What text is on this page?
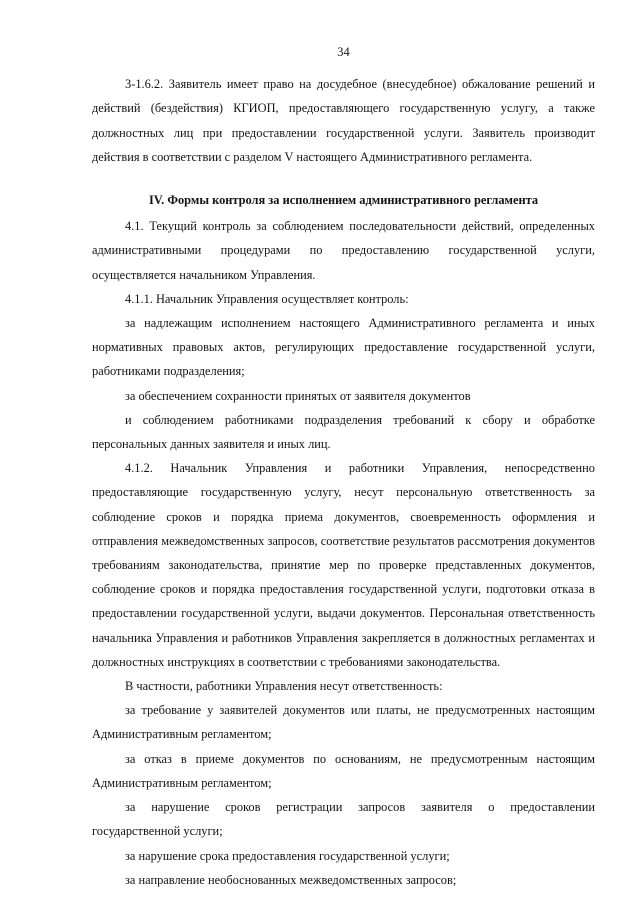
34

3-1.6.2. Заявитель имеет право на досудебное (внесудебное) обжалование решений и действий (бездействия) КГИОП, предоставляющего государственную услугу, а также должностных лиц при предоставлении государственной услуги. Заявитель производит действия в соответствии с разделом V настоящего Административного регламента.

IV. Формы контроля за исполнением административного регламента

4.1. Текущий контроль за соблюдением последовательности действий, определенных административными процедурами по предоставлению государственной услуги, осуществляется начальником Управления.

4.1.1. Начальник Управления осуществляет контроль:

за надлежащим исполнением настоящего Административного регламента и иных нормативных правовых актов, регулирующих предоставление государственной услуги, работниками подразделения;

за обеспечением сохранности принятых от заявителя документов

и соблюдением работниками подразделения требований к сбору и обработке персональных данных заявителя и иных лиц.

4.1.2. Начальник Управления и работники Управления, непосредственно предоставляющие государственную услугу, несут персональную ответственность за соблюдение сроков и порядка приема документов, своевременность оформления и отправления межведомственных запросов, соответствие результатов рассмотрения документов требованиям законодательства, принятие мер по проверке представленных документов, соблюдение сроков и порядка предоставления государственной услуги, подготовки отказа в предоставлении государственной услуги, выдачи документов. Персональная ответственность начальника Управления и работников Управления закрепляется в должностных регламентах и должностных инструкциях в соответствии с требованиями законодательства.

В частности, работники Управления несут ответственность:

за требование у заявителей документов или платы, не предусмотренных настоящим Административным регламентом;

за отказ в приеме документов по основаниям, не предусмотренным настоящим Административным регламентом;

за нарушение сроков регистрации запросов заявителя о предоставлении государственной услуги;

за нарушение срока предоставления государственной услуги;

за направление необоснованных межведомственных запросов;
